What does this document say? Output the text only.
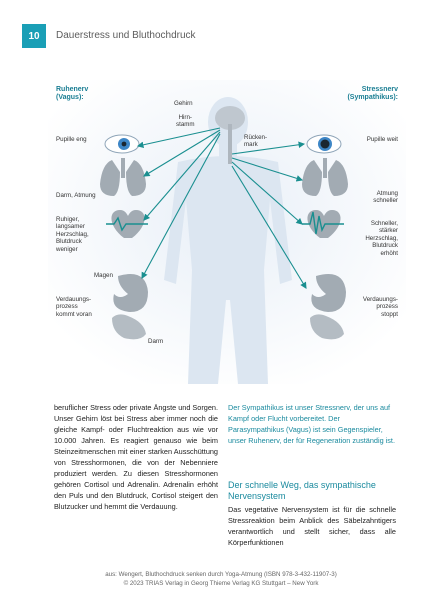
10	Dauerstress und Bluthochdruck
Ruhenerv
(Vagus):
Stressnerv
(Sympathikus):
Gehirn
Hirn-
stamm
Rücken-
mark
Pupille eng
Darm, Atmung
Ruhiger,
langsamer
Herzschlag,
Blutdruck
weniger
Magen
Verdauungs-
prozess
kommt voran
Darm
Pupille weit
Atmung
schneller
Schneller,
stärker
Herzschlag,
Blutdruck
erhöht
Verdauungs-
prozess
stoppt
beruflicher Stress oder private Ängste und Sorgen. Unser Gehirn löst bei Stress aber immer noch die gleiche Kampf- oder Fluchtreaktion aus wie vor 10.000 Jahren. Es reagiert genauso wie beim Steinzeitmenschen mit einer starken Ausschüttung von Stresshormonen, die von der Nebenniere produziert werden. Zu diesen Stresshormonen gehören Cortisol und Adrenalin. Adrenalin erhöht den Puls und den Blutdruck, Cortisol steigert den Blutzucker und hemmt die Verdauung.
Der Sympathikus ist unser Stressnerv, der uns auf Kampf oder Flucht vorbereitet. Der Parasympathikus (Vagus) ist sein Gegenspieler, unser Ruhenerv, der für Regeneration zuständig ist.
Der schnelle Weg, das sympathische Nervensystem
Das vegetative Nervensystem ist für die schnelle Stressreaktion beim Anblick des Säbelzahntigers verantwortlich und stellt sicher, dass alle Körperfunktionen
aus: Wengert, Bluthochdruck senken durch Yoga-Atmung (ISBN 978-3-432-11907-3)
© 2023 TRIAS Verlag in Georg Thieme Verlag KG Stuttgart – New York
